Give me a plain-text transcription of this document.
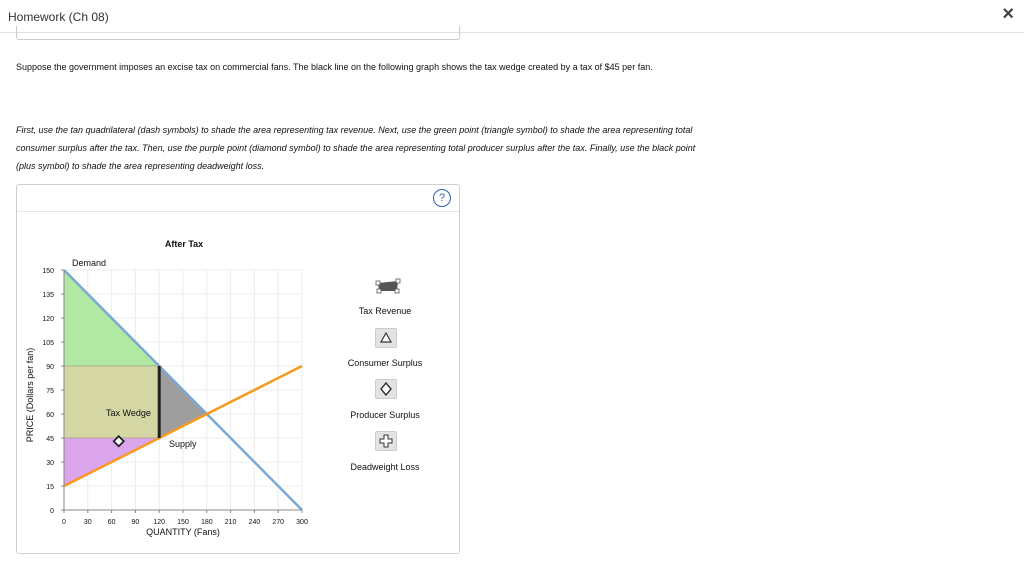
Homework (Ch 08)	×
Suppose the government imposes an excise tax on commercial fans. The black line on the following graph shows the tax wedge created by a tax of $45 per fan.
First, use the tan quadrilateral (dash symbols) to shade the area representing tax revenue. Next, use the green point (triangle symbol) to shade the area representing total consumer surplus after the tax. Then, use the purple point (diamond symbol) to shade the area representing total producer surplus after the tax. Finally, use the black point (plus symbol) to shade the area representing deadweight loss.
?
0	30 60 90 120 150 180 210 240 270 300
0
15
30
45
60
75
90
105
120
135
150
After Tax
QUANTITY (Fans)
PRICE (Dollars per fan)
Demand
Supply
Tax Wedge
Tax Revenue
Consumer Surplus
Producer Surplus
Deadweight Loss
